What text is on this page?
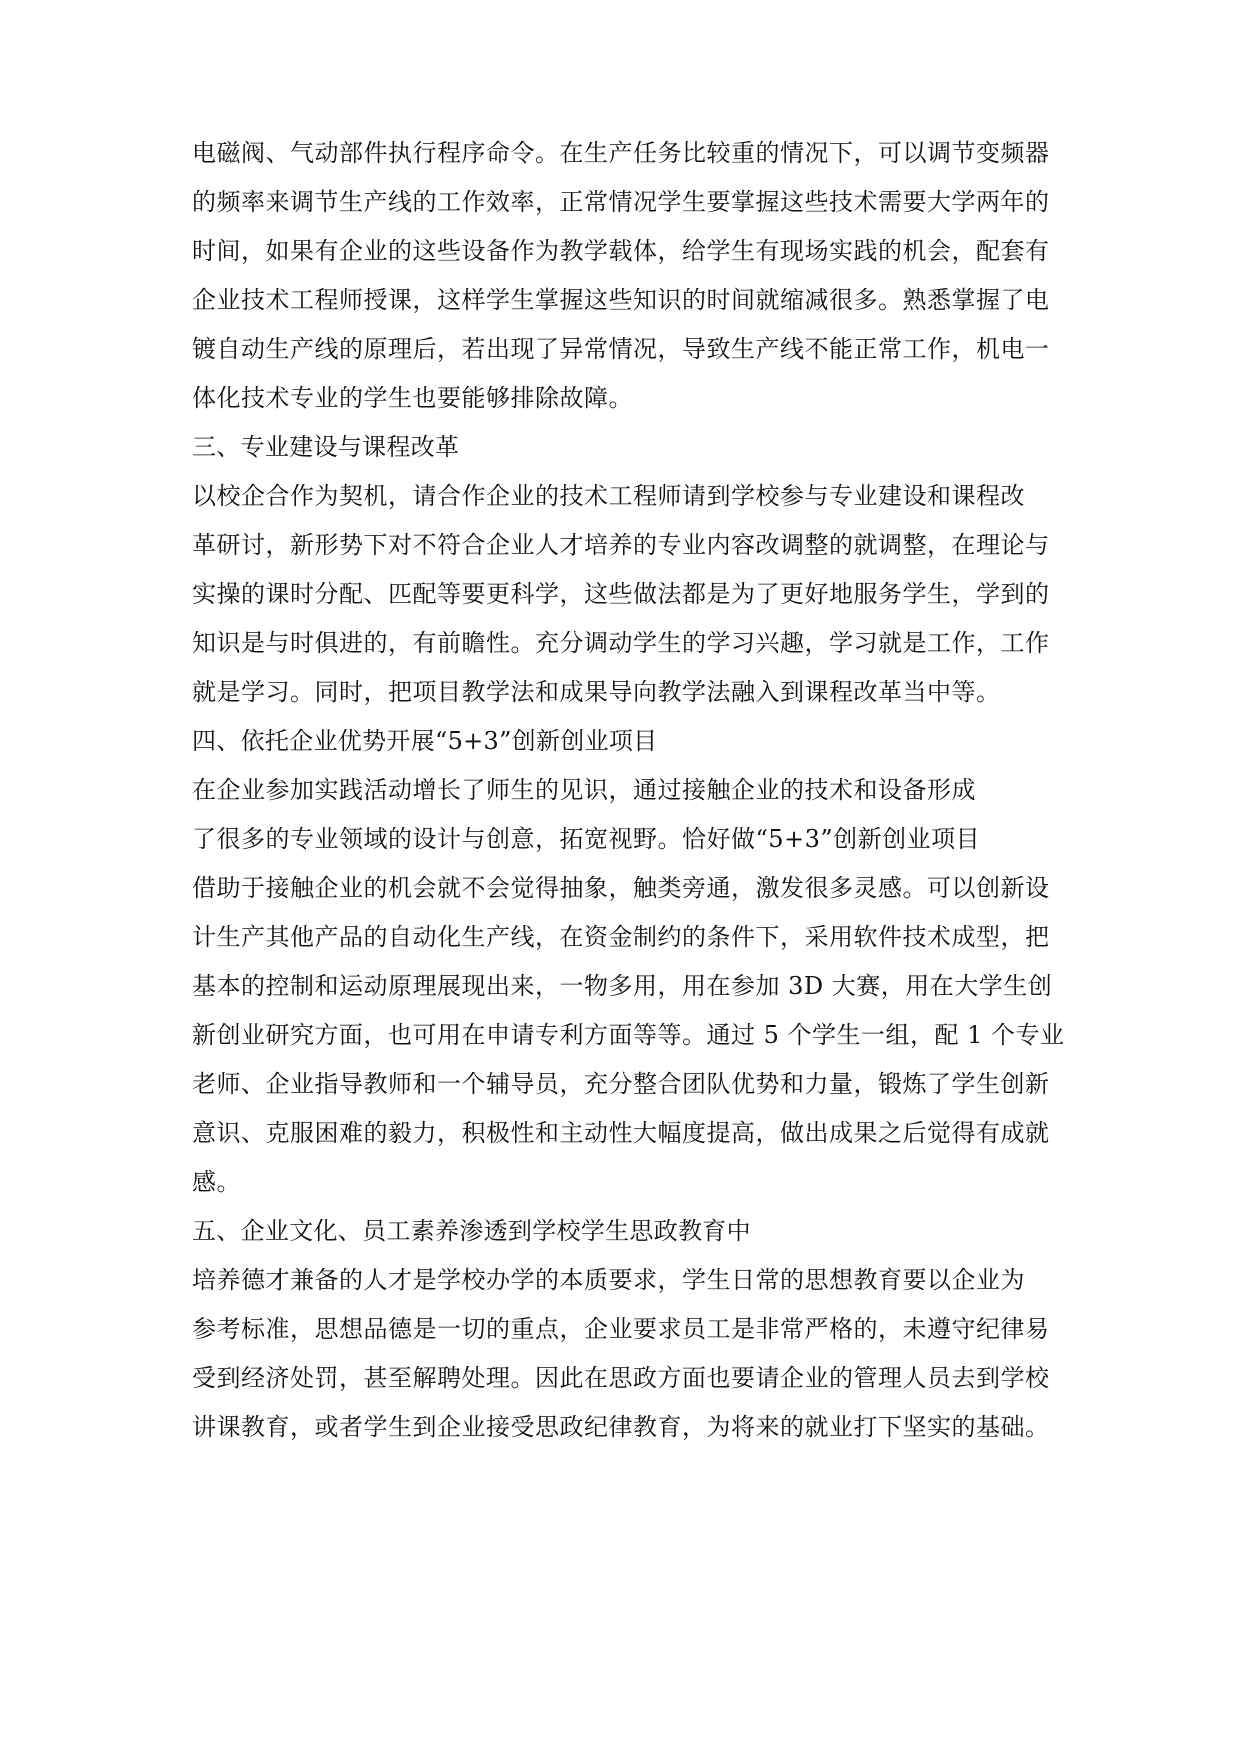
电磁阀、气动部件执行程序命令。在生产任务比较重的情况下，可以调节变频器
的频率来调节生产线的工作效率，正常情况学生要掌握这些技术需要大学两年的
时间，如果有企业的这些设备作为教学载体，给学生有现场实践的机会，配套有
企业技术工程师授课，这样学生掌握这些知识的时间就缩减很多。熟悉掌握了电
镀自动生产线的原理后，若出现了异常情况，导致生产线不能正常工作，机电一
体化技术专业的学生也要能够排除故障。
三、专业建设与课程改革
以校企合作为契机，请合作企业的技术工程师请到学校参与专业建设和课程改
革研讨，新形势下对不符合企业人才培养的专业内容改调整的就调整，在理论与
实操的课时分配、匹配等要更科学，这些做法都是为了更好地服务学生，学到的
知识是与时俱进的，有前瞻性。充分调动学生的学习兴趣，学习就是工作，工作
就是学习。同时，把项目教学法和成果导向教学法融入到课程改革当中等。
四、依托企业优势开展“5+3”创新创业项目
在企业参加实践活动增长了师生的见识，通过接触企业的技术和设备形成
了很多的专业领域的设计与创意，拓宽视野。恰好做“5+3”创新创业项目
借助于接触企业的机会就不会觉得抽象，触类旁通，激发很多灵感。可以创新设
计生产其他产品的自动化生产线，在资金制约的条件下，采用软件技术成型，把
基本的控制和运动原理展现出来，一物多用，用在参加 3D 大赛，用在大学生创
新创业研究方面，也可用在申请专利方面等等。通过 5 个学生一组，配 1 个专业
老师、企业指导教师和一个辅导员，充分整合团队优势和力量，锻炼了学生创新
意识、克服困难的毅力，积极性和主动性大幅度提高，做出成果之后觉得有成就
感。
五、企业文化、员工素养渗透到学校学生思政教育中
培养德才兼备的人才是学校办学的本质要求，学生日常的思想教育要以企业为
参考标准，思想品德是一切的重点，企业要求员工是非常严格的，未遵守纪律易
受到经济处罚，甚至解聘处理。因此在思政方面也要请企业的管理人员去到学校
讲课教育，或者学生到企业接受思政纪律教育，为将来的就业打下坚实的基础。
